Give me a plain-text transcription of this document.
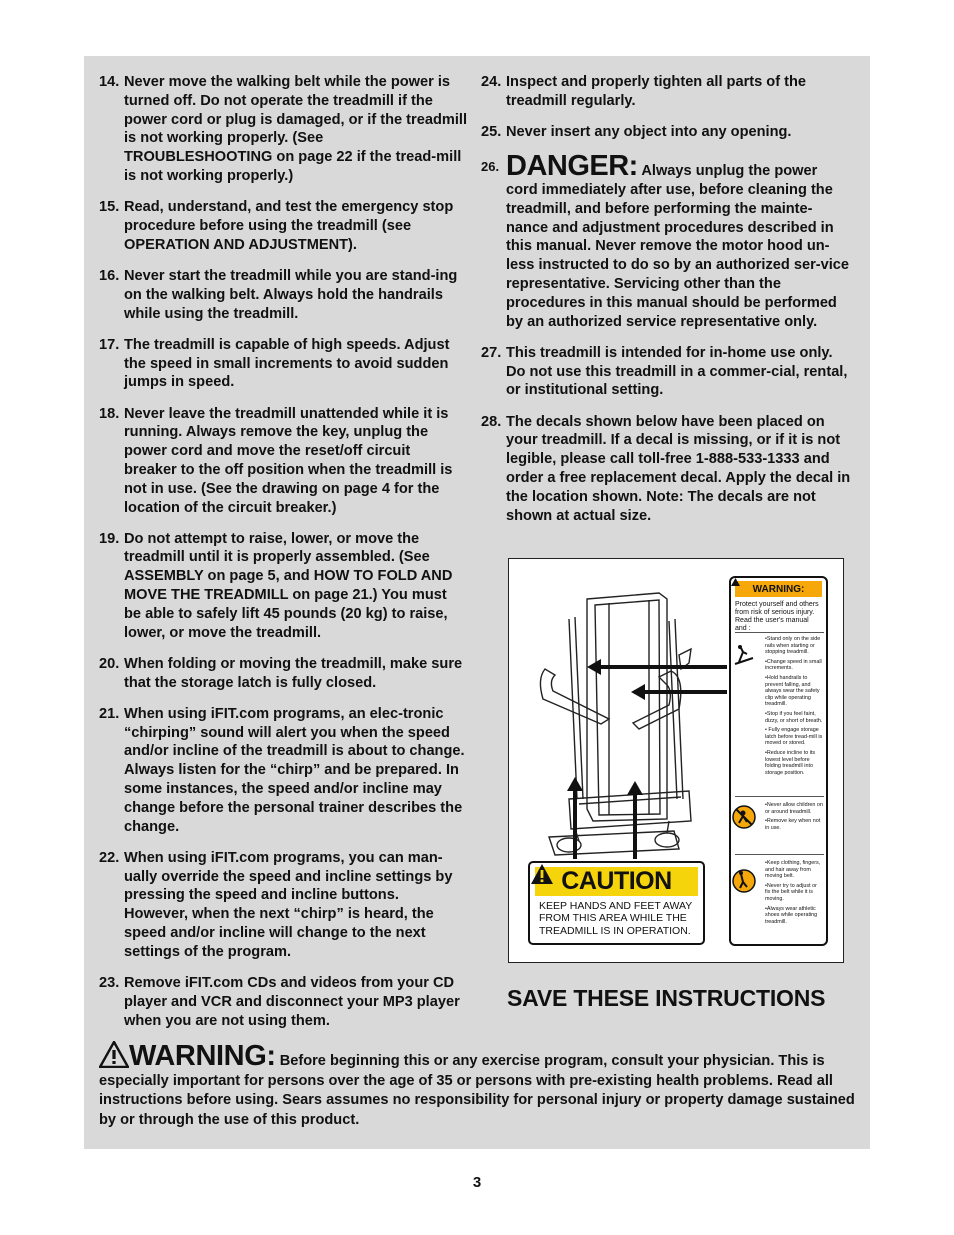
14. Never move the walking belt while the power is turned off. Do not operate the treadmill if the power cord or plug is damaged, or if the treadmill is not working properly. (See TROUBLESHOOTING on page 22 if the tread-mill is not working properly.)
15. Read, understand, and test the emergency stop procedure before using the treadmill (see OPERATION AND ADJUSTMENT).
16. Never start the treadmill while you are stand-ing on the walking belt. Always hold the handrails while using the treadmill.
17. The treadmill is capable of high speeds. Adjust the speed in small increments to avoid sudden jumps in speed.
18. Never leave the treadmill unattended while it is running. Always remove the key, unplug the power cord and move the reset/off circuit breaker to the off position when the treadmill is not in use. (See the drawing on page 4 for the location of the circuit breaker.)
19. Do not attempt to raise, lower, or move the treadmill until it is properly assembled. (See ASSEMBLY on page 5, and HOW TO FOLD AND MOVE THE TREADMILL on page 21.) You must be able to safely lift 45 pounds (20 kg) to raise, lower, or move the treadmill.
20. When folding or moving the treadmill, make sure that the storage latch is fully closed.
21. When using iFIT.com programs, an elec-tronic “chirping” sound will alert you when the speed and/or incline of the treadmill is about to change. Always listen for the “chirp” and be prepared. In some instances, the speed and/or incline may change before the personal trainer describes the change.
22. When using iFIT.com programs, you can man-ually override the speed and incline settings by pressing the speed and incline buttons. However, when the next “chirp” is heard, the speed and/or incline will change to the next settings of the program.
23. Remove iFIT.com CDs and videos from your CD player and VCR and disconnect your MP3 player when you are not using them.
24. Inspect and properly tighten all parts of the treadmill regularly.
25. Never insert any object into any opening.
26. DANGER: Always unplug the power cord immediately after use, before cleaning the treadmill, and before performing the mainte-nance and adjustment procedures described in this manual. Never remove the motor hood un-less instructed to do so by an authorized ser-vice representative. Servicing other than the procedures in this manual should be performed by an authorized service representative only.
27. This treadmill is intended for in-home use only. Do not use this treadmill in a commer-cial, rental, or institutional setting.
28. The decals shown below have been placed on your treadmill. If a decal is missing, or if it is not legible, please call toll-free 1-888-533-1333 and order a free replacement decal. Apply the decal in the location shown. Note: The decals are not shown at actual size.
CAUTION
KEEP HANDS AND FEET AWAY FROM THIS AREA WHILE THE TREADMILL IS IN OPERATION.
WARNING:
Protect yourself and others from risk of serious injury. Read the user's manual and :
•Stand only on the side rails when starting or stopping treadmill.
•Change speed in small increments.
•Hold handrails to prevent falling, and always wear the safety clip while operating treadmill.
•Stop if you feel faint, dizzy, or short of breath.
• Fully engage storage latch before tread-mill is moved or stored.
•Reduce incline to its lowest level before folding treadmill into storage position.
•Never allow children on or around treadmill.
•Remove key when not in use.
•Keep clothing, fingers, and hair away from moving belt.
•Never try to adjust or fix the belt while it is moving.
•Always wear athletic shoes while operating treadmill.
SAVE THESE INSTRUCTIONS
WARNING: Before beginning this or any exercise program, consult your physician. This is especially important for persons over the age of 35 or persons with pre-existing health problems. Read all instructions before using. Sears assumes no responsibility for personal injury or property damage sustained by or through the use of this product.
3
